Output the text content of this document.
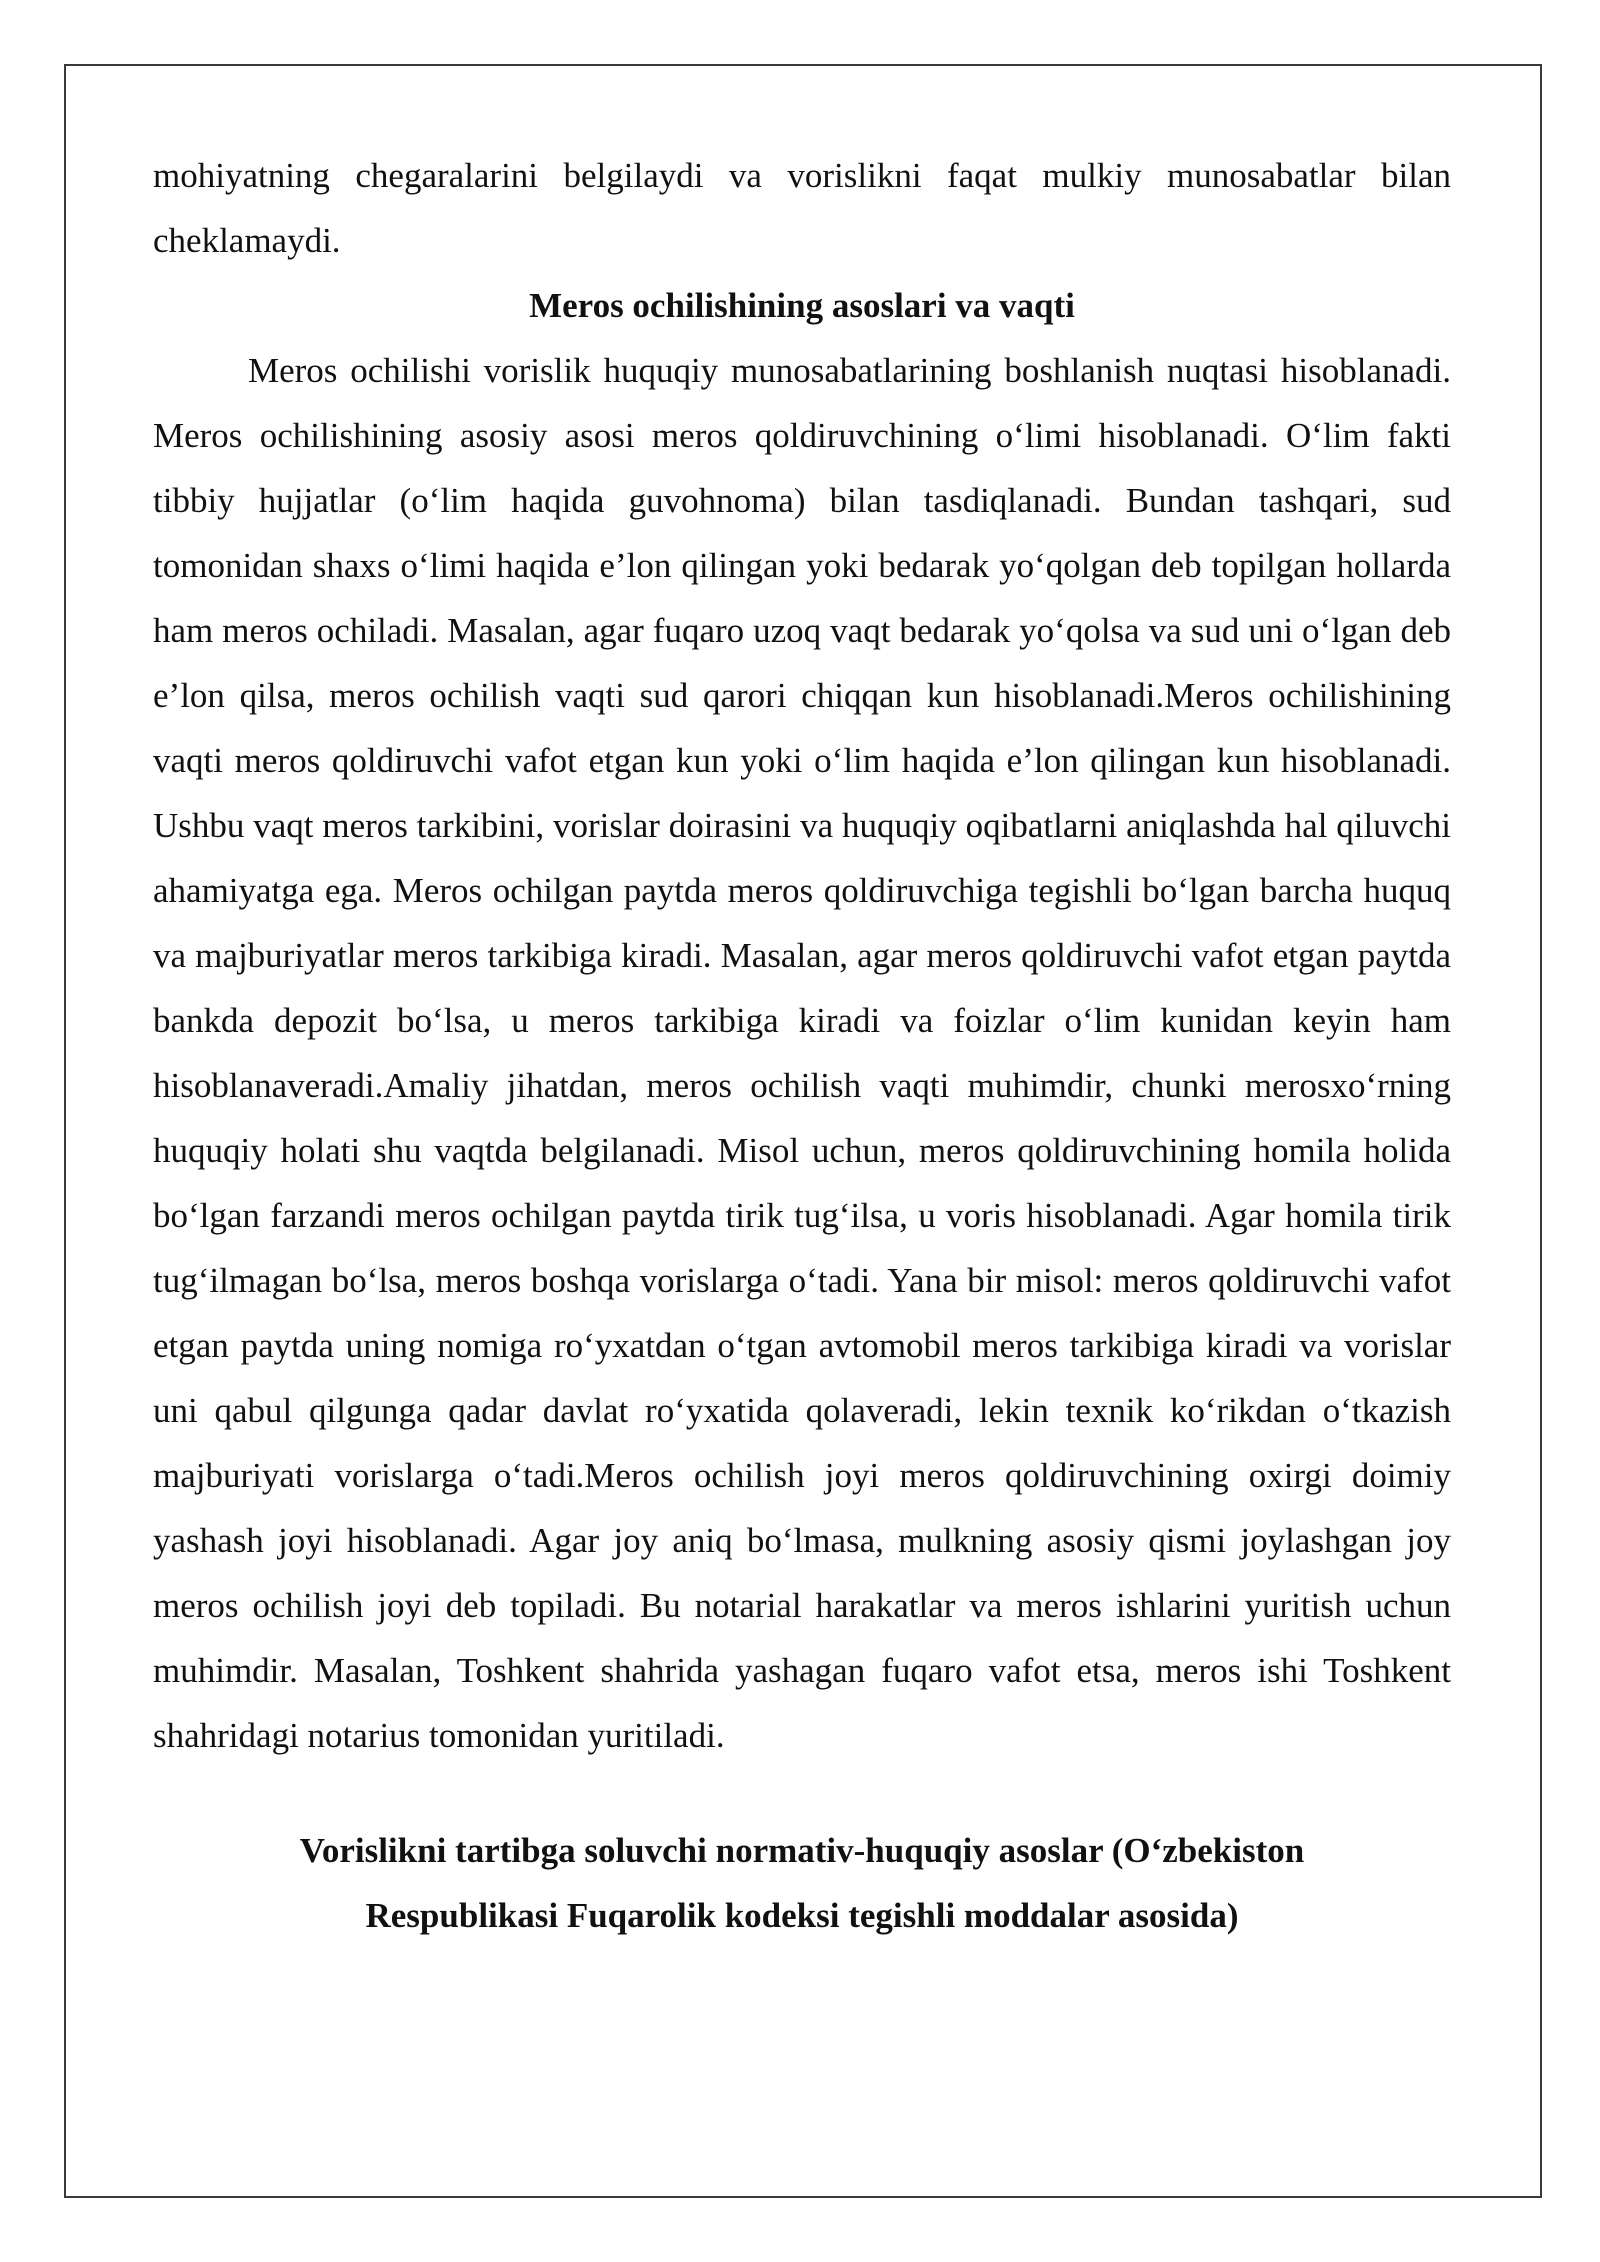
mohiyatning chegaralarini belgilaydi va vorislikni faqat mulkiy munosabatlar bilan cheklamaydi.

Meros ochilishining asoslari va vaqti

Meros ochilishi vorislik huquqiy munosabatlarining boshlanish nuqtasi hisoblanadi. Meros ochilishining asosiy asosi meros qoldiruvchining o‘limi hisoblanadi. O‘lim fakti tibbiy hujjatlar (o‘lim haqida guvohnoma) bilan tasdiqlanadi. Bundan tashqari, sud tomonidan shaxs o‘limi haqida e’lon qilingan yoki bedarak yo‘qolgan deb topilgan hollarda ham meros ochiladi. Masalan, agar fuqaro uzoq vaqt bedarak yo‘qolsa va sud uni o‘lgan deb e’lon qilsa, meros ochilish vaqti sud qarori chiqqan kun hisoblanadi.Meros ochilishining vaqti meros qoldiruvchi vafot etgan kun yoki o‘lim haqida e’lon qilingan kun hisoblanadi. Ushbu vaqt meros tarkibini, vorislar doirasini va huquqiy oqibatlarni aniqlashda hal qiluvchi ahamiyatga ega. Meros ochilgan paytda meros qoldiruvchiga tegishli bo‘lgan barcha huquq va majburiyatlar meros tarkibiga kiradi. Masalan, agar meros qoldiruvchi vafot etgan paytda bankda depozit bo‘lsa, u meros tarkibiga kiradi va foizlar o‘lim kunidan keyin ham hisoblanaveradi.Amaliy jihatdan, meros ochilish vaqti muhimdir, chunki merosxo‘rning huquqiy holati shu vaqtda belgilanadi. Misol uchun, meros qoldiruvchining homila holida bo‘lgan farzandi meros ochilgan paytda tirik tug‘ilsa, u voris hisoblanadi. Agar homila tirik tug‘ilmagan bo‘lsa, meros boshqa vorislarga o‘tadi. Yana bir misol: meros qoldiruvchi vafot etgan paytda uning nomiga ro‘yxatdan o‘tgan avtomobil meros tarkibiga kiradi va vorislar uni qabul qilgunga qadar davlat ro‘yxatida qolaveradi, lekin texnik ko‘rikdan o‘tkazish majburiyati vorislarga o‘tadi.Meros ochilish joyi meros qoldiruvchining oxirgi doimiy yashash joyi hisoblanadi. Agar joy aniq bo‘lmasa, mulkning asosiy qismi joylashgan joy meros ochilish joyi deb topiladi. Bu notarial harakatlar va meros ishlarini yuritish uchun muhimdir. Masalan, Toshkent shahrida yashagan fuqaro vafot etsa, meros ishi Toshkent shahridagi notarius tomonidan yuritiladi.

Vorislikni tartibga soluvchi normativ-huquqiy asoslar (O‘zbekiston
Respublikasi Fuqarolik kodeksi tegishli moddalar asosida)
